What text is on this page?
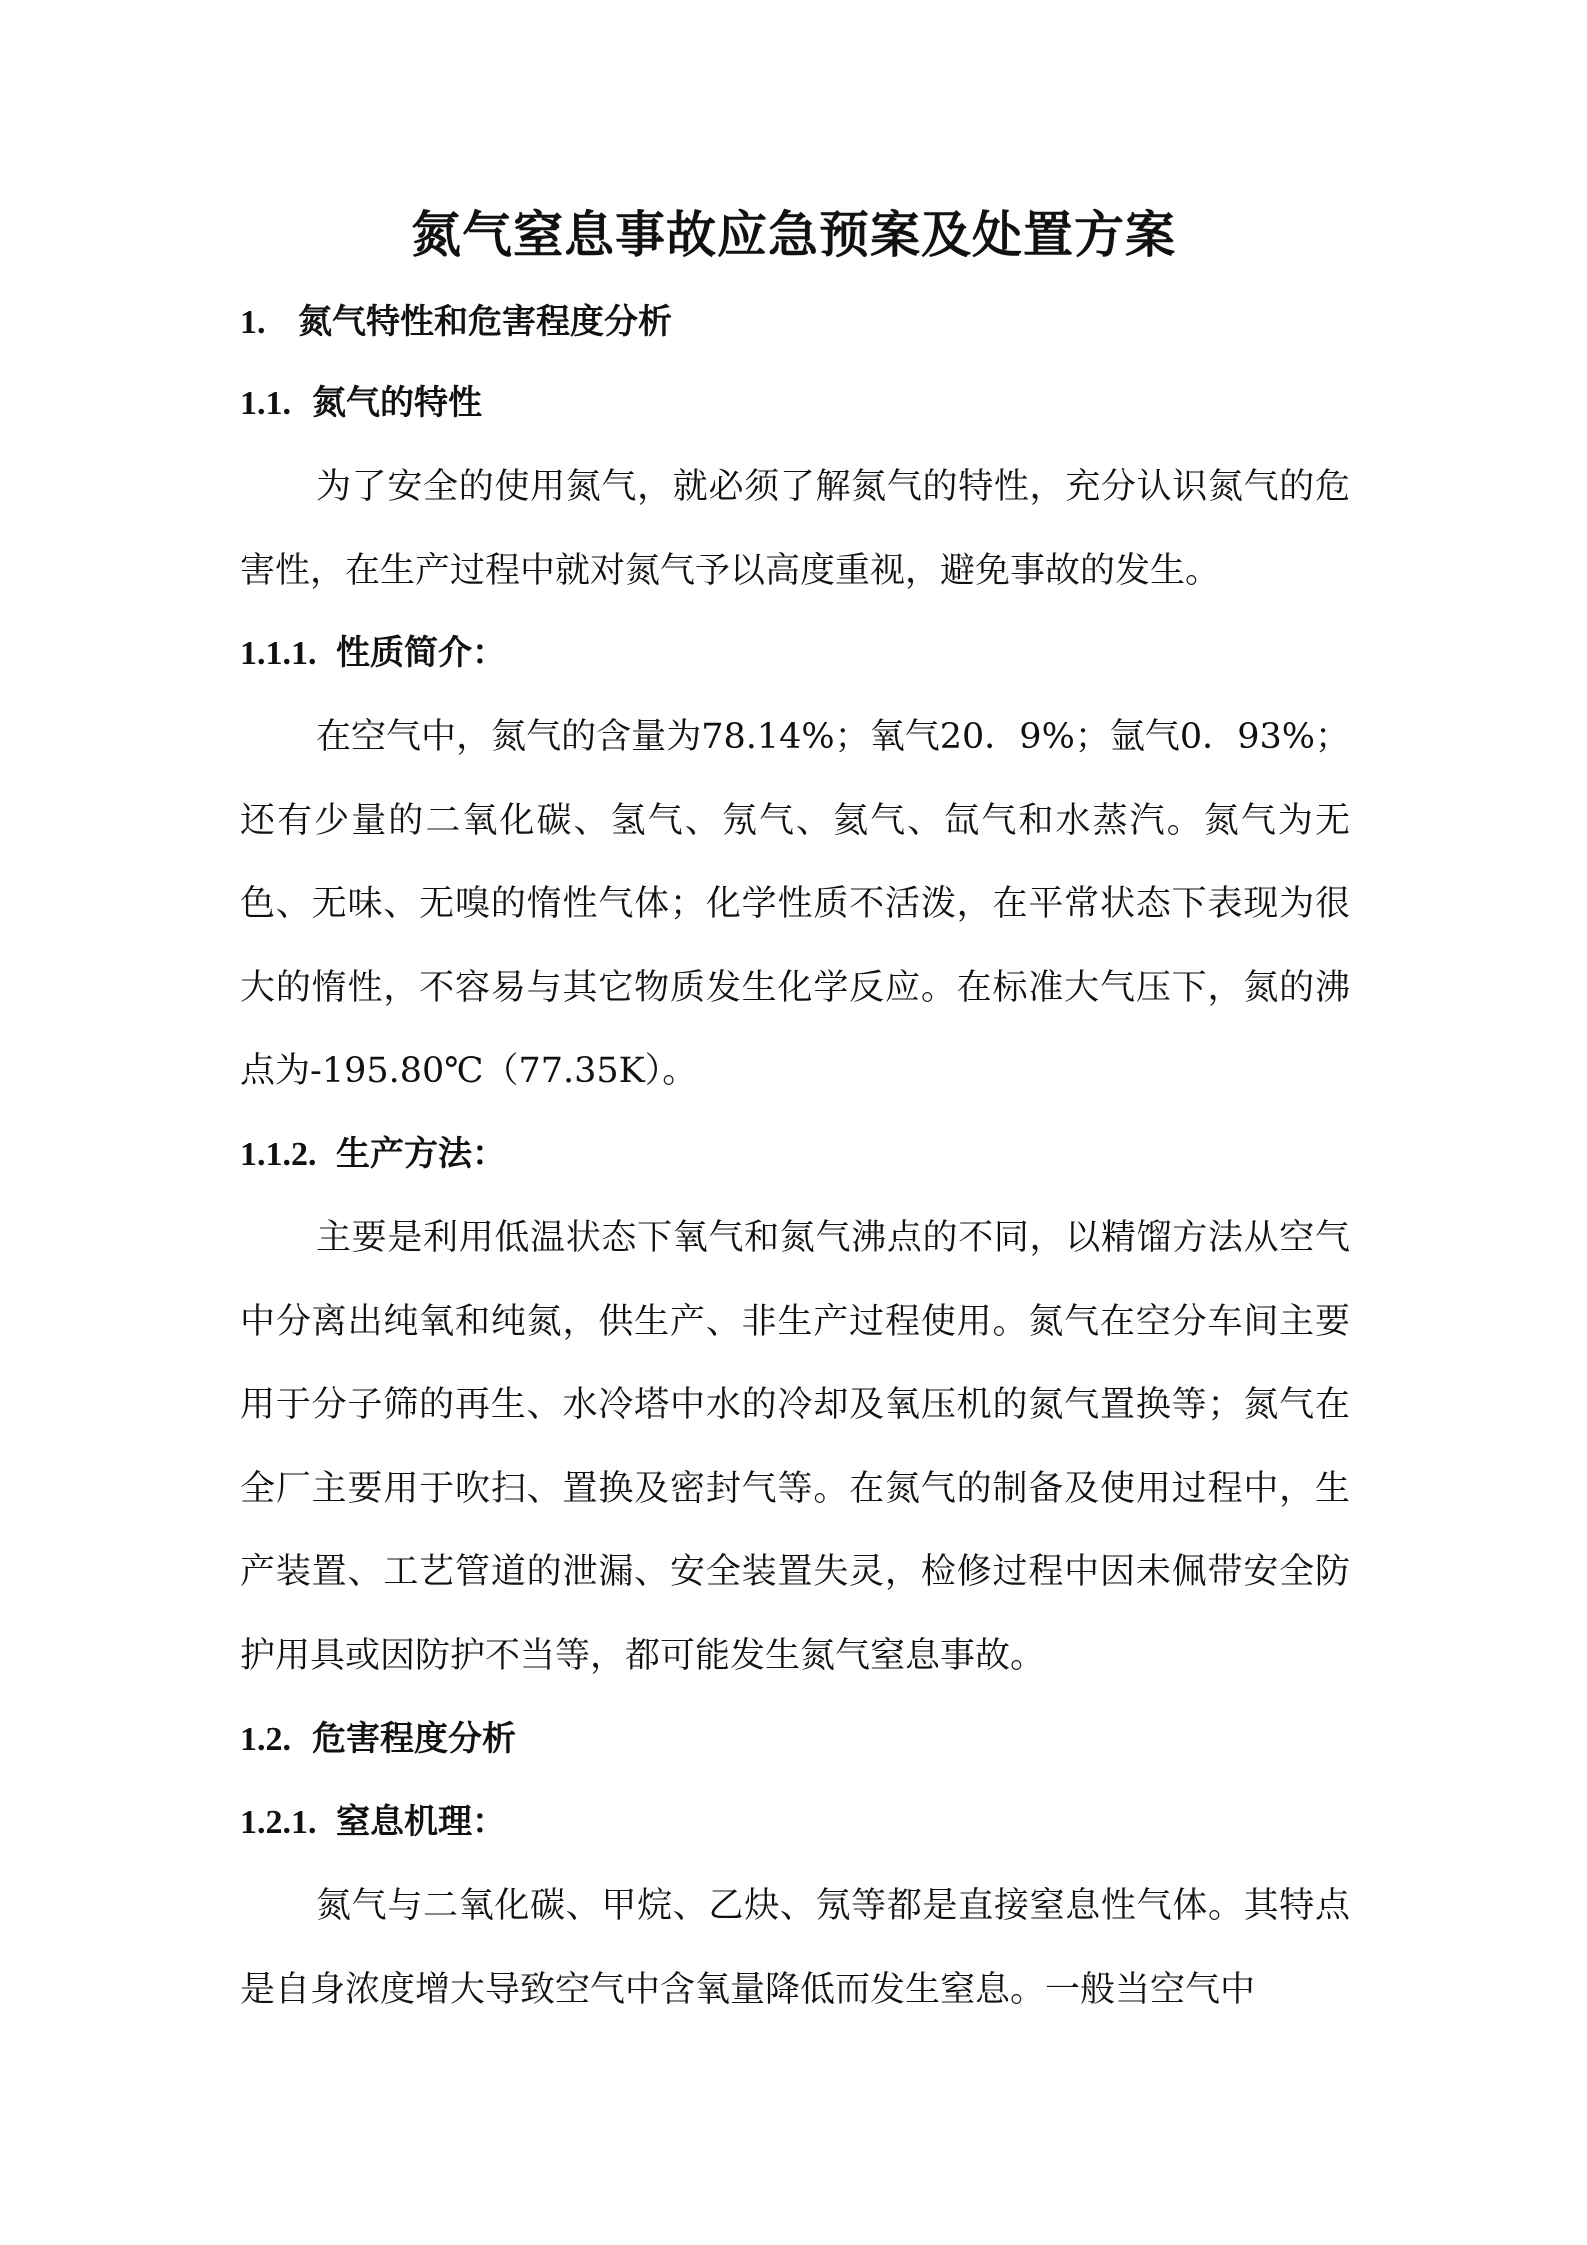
氮气窒息事故应急预案及处置方案
1. 氮气特性和危害程度分析
1.1. 氮气的特性
为了安全的使用氮气，就必须了解氮气的特性，充分认识氮气的危害性，在生产过程中就对氮气予以高度重视，避免事故的发生。
1.1.1. 性质简介：
在空气中，氮气的含量为78.14%；氧气20．9%；氩气0．93%；还有少量的二氧化碳、氢气、氖气、氦气、氙气和水蒸汽。氮气为无色、无味、无嗅的惰性气体；化学性质不活泼，在平常状态下表现为很大的惰性，不容易与其它物质发生化学反应。在标准大气压下，氮的沸点为-195.80℃（77.35K）。
1.1.2. 生产方法：
主要是利用低温状态下氧气和氮气沸点的不同，以精馏方法从空气中分离出纯氧和纯氮，供生产、非生产过程使用。氮气在空分车间主要用于分子筛的再生、水冷塔中水的冷却及氧压机的氮气置换等；氮气在全厂主要用于吹扫、置换及密封气等。在氮气的制备及使用过程中，生产装置、工艺管道的泄漏、安全装置失灵，检修过程中因未佩带安全防护用具或因防护不当等，都可能发生氮气窒息事故。
1.2. 危害程度分析
1.2.1. 窒息机理：
氮气与二氧化碳、甲烷、乙炔、氖等都是直接窒息性气体。其特点是自身浓度增大导致空气中含氧量降低而发生窒息。一般当空气中
